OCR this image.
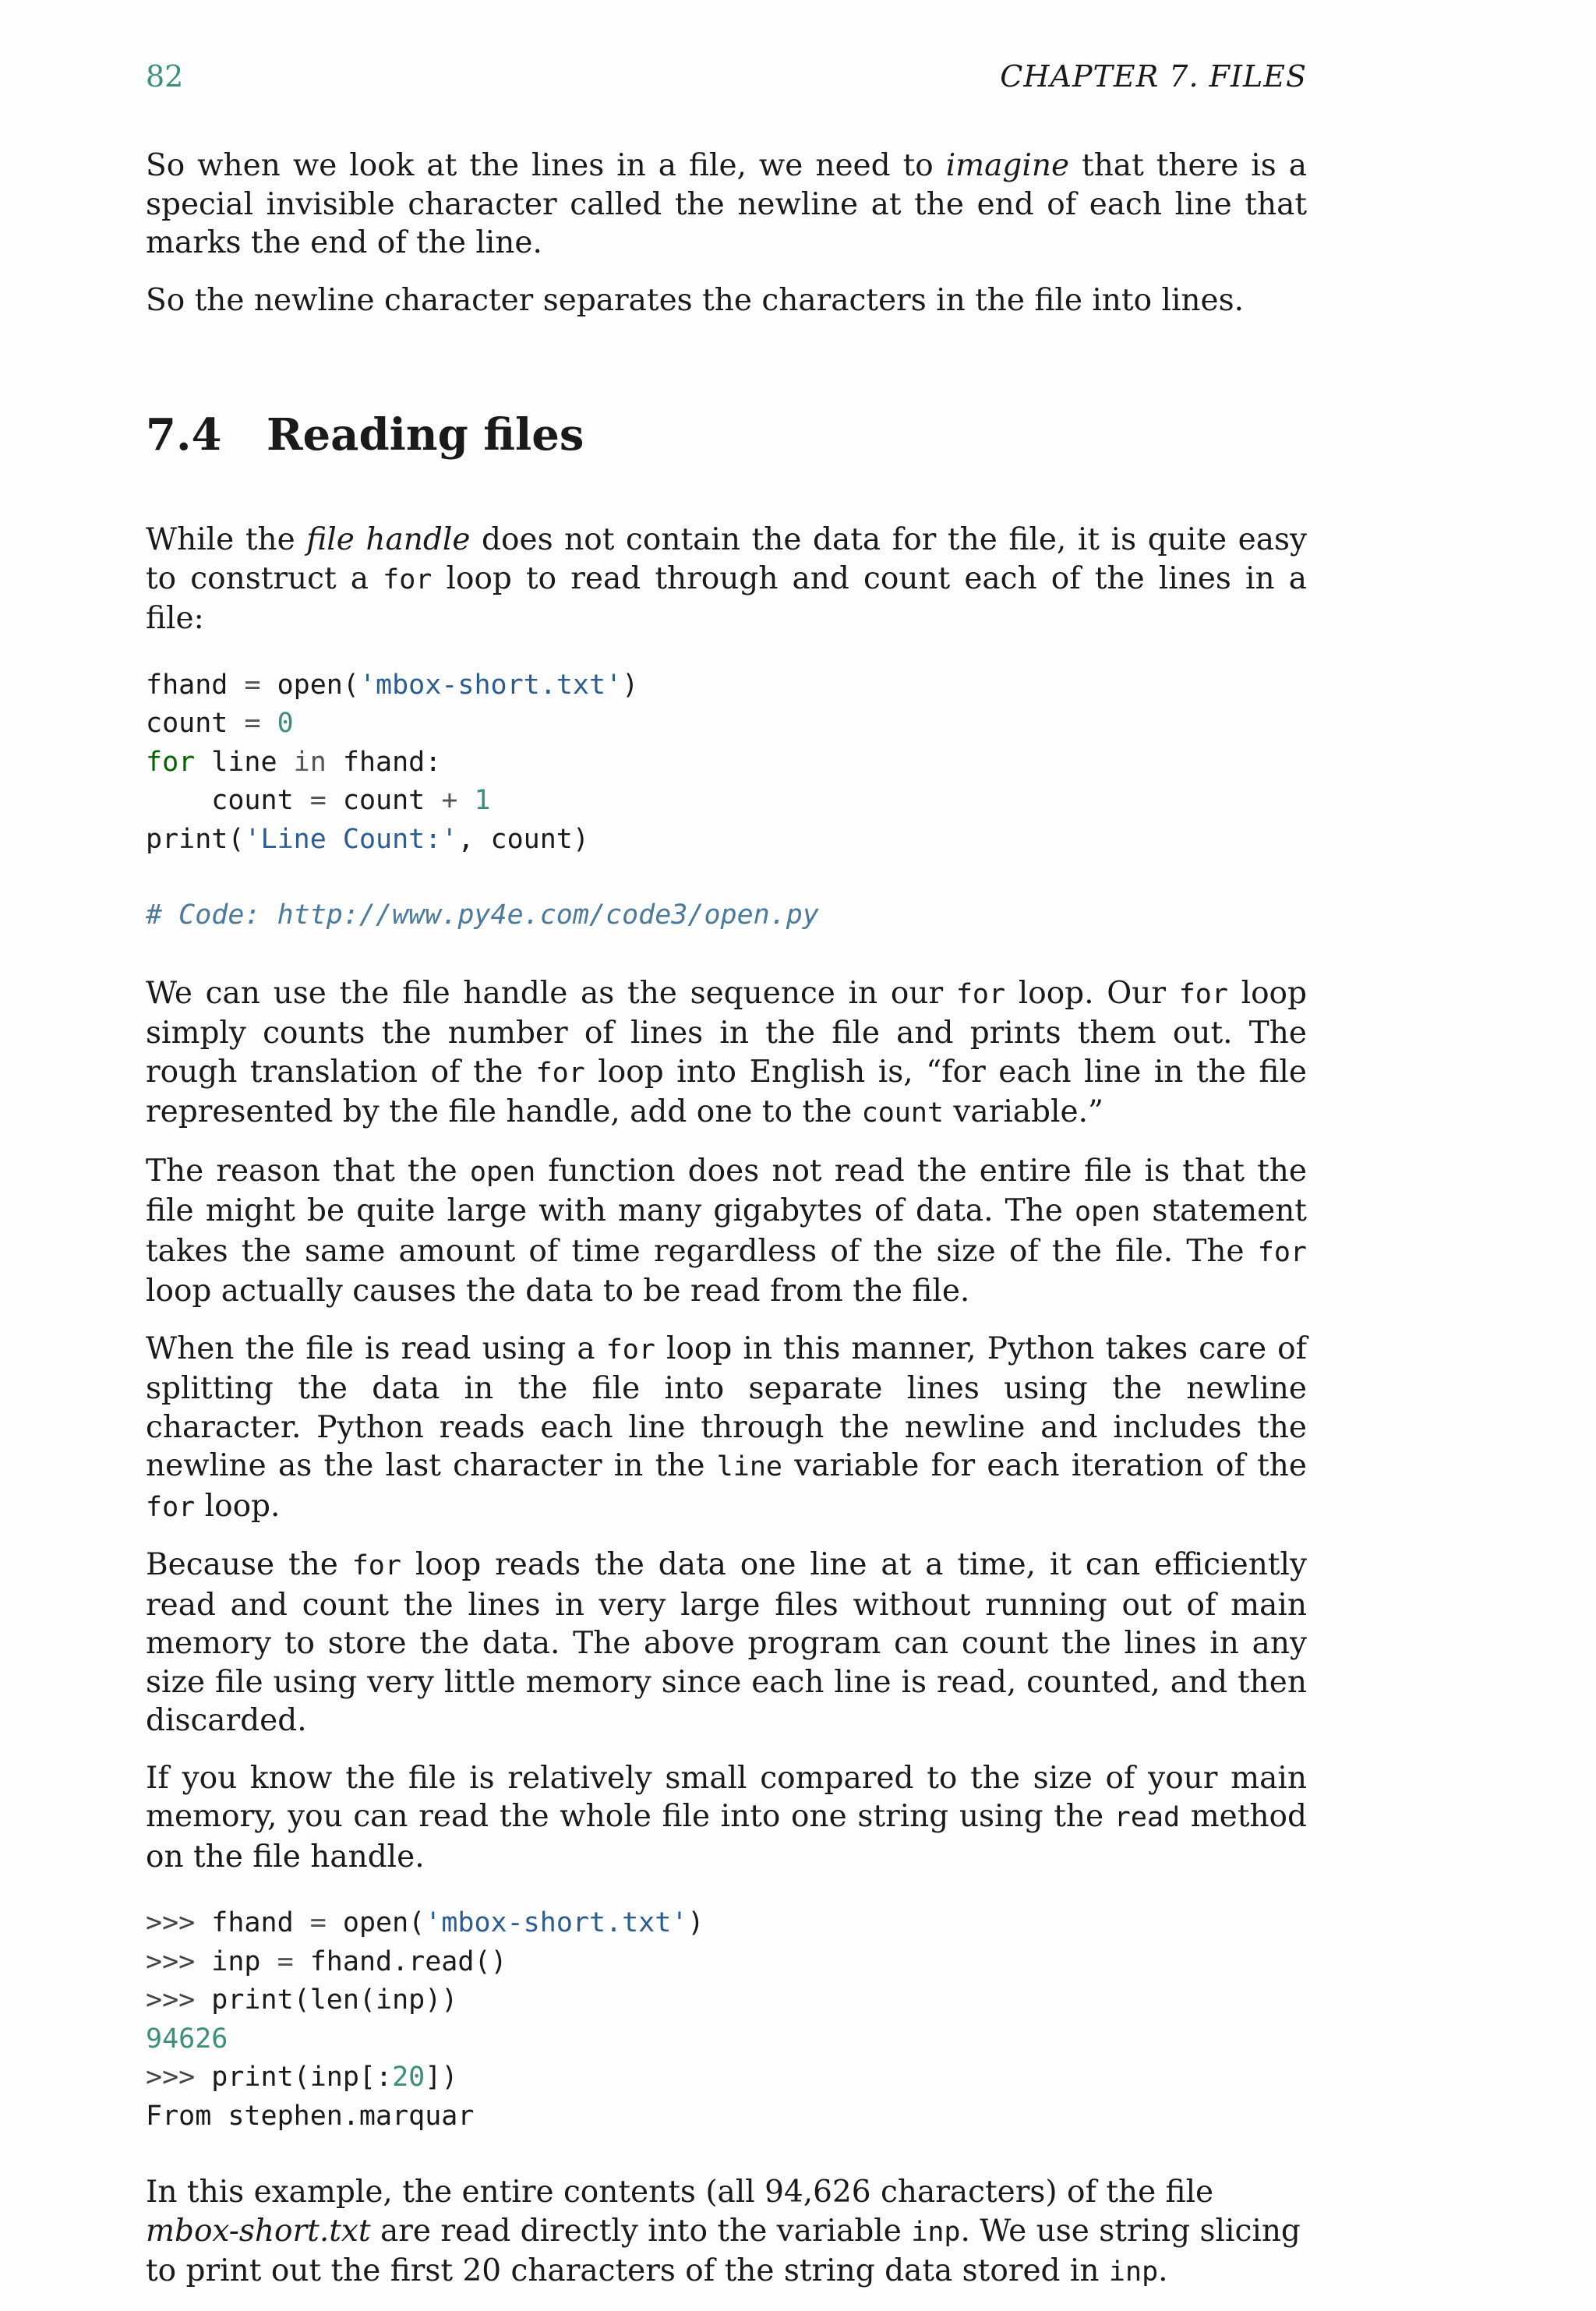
82	CHAPTER 7. FILES

So when we look at the lines in a file, we need to imagine that there is a special invisible character called the newline at the end of each line that marks the end of the line.

So the newline character separates the characters in the file into lines.

7.4 Reading files

While the file handle does not contain the data for the file, it is quite easy to construct a for loop to read through and count each of the lines in a file:

fhand = open('mbox-short.txt')
count = 0
for line in fhand:
count = count + 1
print('Line Count:', count)
# Code: http://www.py4e.com/code3/open.py

We can use the file handle as the sequence in our for loop. Our for loop simply counts the number of lines in the file and prints them out. The rough translation of the for loop into English is, “for each line in the file represented by the file handle, add one to the count variable.”

The reason that the open function does not read the entire file is that the file might be quite large with many gigabytes of data. The open statement takes the same amount of time regardless of the size of the file. The for loop actually causes the data to be read from the file.

When the file is read using a for loop in this manner, Python takes care of splitting the data in the file into separate lines using the newline character. Python reads each line through the newline and includes the newline as the last character in the line variable for each iteration of the for loop.

Because the for loop reads the data one line at a time, it can efficiently read and count the lines in very large files without running out of main memory to store the data. The above program can count the lines in any size file using very little memory since each line is read, counted, and then discarded.

If you know the file is relatively small compared to the size of your main memory, you can read the whole file into one string using the read method on the file handle.

>>> fhand = open('mbox-short.txt')
>>> inp = fhand.read()
>>> print(len(inp))
94626
>>> print(inp[:20])
From stephen.marquar

In this example, the entire contents (all 94,626 characters) of the file mbox-short.txt are read directly into the variable inp. We use string slicing to print out the first 20 characters of the string data stored in inp.
